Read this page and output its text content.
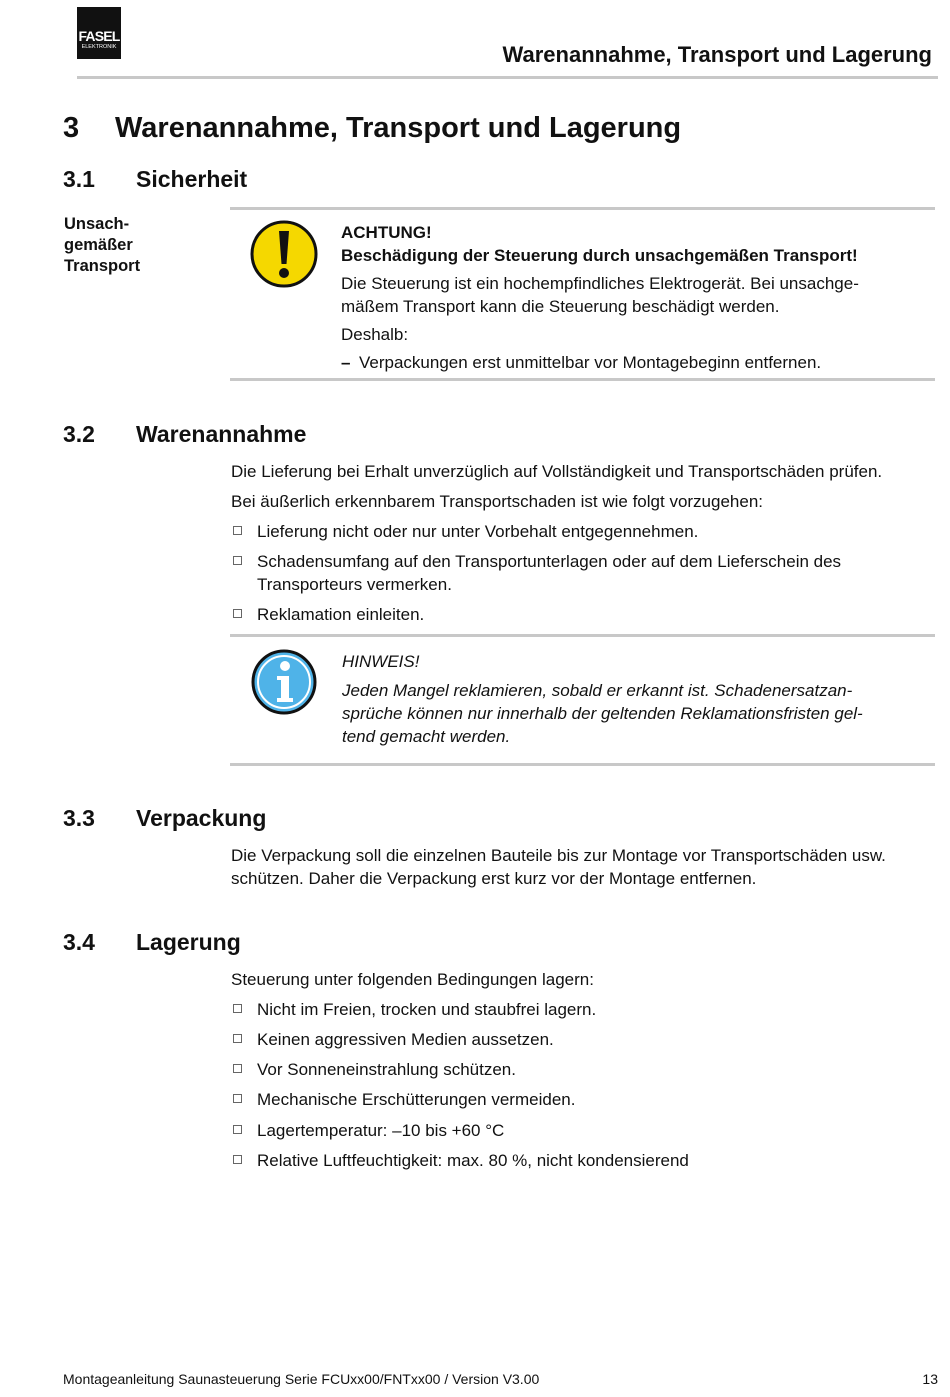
FASEL
ELEKTRONIK	Warenannahme, Transport und Lagerung
3 Warenannahme, Transport und Lagerung
3.1 Sicherheit
Unsach-
gemäßer
Transport
ACHTUNG!
Beschädigung der Steuerung durch unsachgemäßen Transport!
Die Steuerung ist ein hochempfindliches Elektrogerät. Bei unsachge-
mäßem Transport kann die Steuerung beschädigt werden.
Deshalb:
– Verpackungen erst unmittelbar vor Montagebeginn entfernen.
3.2 Warenannahme
Die Lieferung bei Erhalt unverzüglich auf Vollständigkeit und Transportschäden prüfen.
Bei äußerlich erkennbarem Transportschaden ist wie folgt vorzugehen:
Lieferung nicht oder nur unter Vorbehalt entgegennehmen.
Schadensumfang auf den Transportunterlagen oder auf dem Lieferschein des
Transporteurs vermerken.
Reklamation einleiten.
HINWEIS!
Jeden Mangel reklamieren, sobald er erkannt ist. Schadenersatzan-
sprüche können nur innerhalb der geltenden Reklamationsfristen gel-
tend gemacht werden.
3.3 Verpackung
Die Verpackung soll die einzelnen Bauteile bis zur Montage vor Transportschäden usw.
schützen. Daher die Verpackung erst kurz vor der Montage entfernen.
3.4 Lagerung
Steuerung unter folgenden Bedingungen lagern:
Nicht im Freien, trocken und staubfrei lagern.
Keinen aggressiven Medien aussetzen.
Vor Sonneneinstrahlung schützen.
Mechanische Erschütterungen vermeiden.
Lagertemperatur: –10 bis +60 °C
Relative Luftfeuchtigkeit: max. 80 %, nicht kondensierend
Montageanleitung Saunasteuerung Serie FCUxx00/FNTxx00 / Version V3.00	13
